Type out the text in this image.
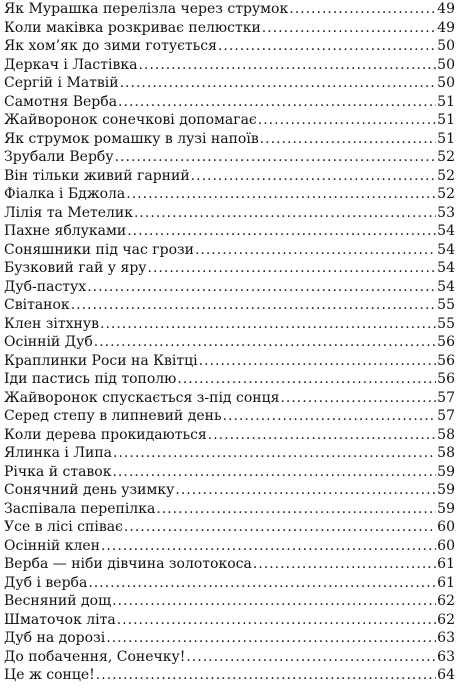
Як Мурашка перелізла через струмок .....	49
Коли маківка розкриває пелюстки .....	49
Як хом’як до зими готується .....	50
Деркач і Ластівка .....	50
Сергій і Матвій .....	50
Самотня Верба .....	51
Жайворонок сонечкові допомагає .....	51
Як струмок ромашку в лузі напоїв .....	51
Зрубали Вербу .....	52
Він тільки живий гарний .....	52
Фіалка і Бджола .....	52
Лілія та Метелик .....	53
Пахне яблуками .....	54
Соняшники під час грози .....	54
Бузковий гай у яру .....	54
Дуб-пастух .....	54
Світанок .....	55
Клен зітхнув .....	55
Осінній Дуб .....	56
Краплинки Роси на Квітці .....	56
Іди пастись під тополю .....	56
Жайворонок спускається з-під сонця .....	57
Серед степу в липневий день .....	57
Коли дерева прокидаються .....	58
Ялинка і Липа .....	58
Річка й ставок .....	59
Сонячний день узимку .....	59
Заспівала перепілка .....	59
Усе в лісі співає .....	60
Осінній клен .....	60
Верба — ніби дівчина золотокоса .....	61
Дуб і верба .....	61
Весняний дощ .....	62
Шматочок літа .....	62
Дуб на дорозі .....	63
До побачення, Сонечку! .....	63
Це ж сонце! .....	64
